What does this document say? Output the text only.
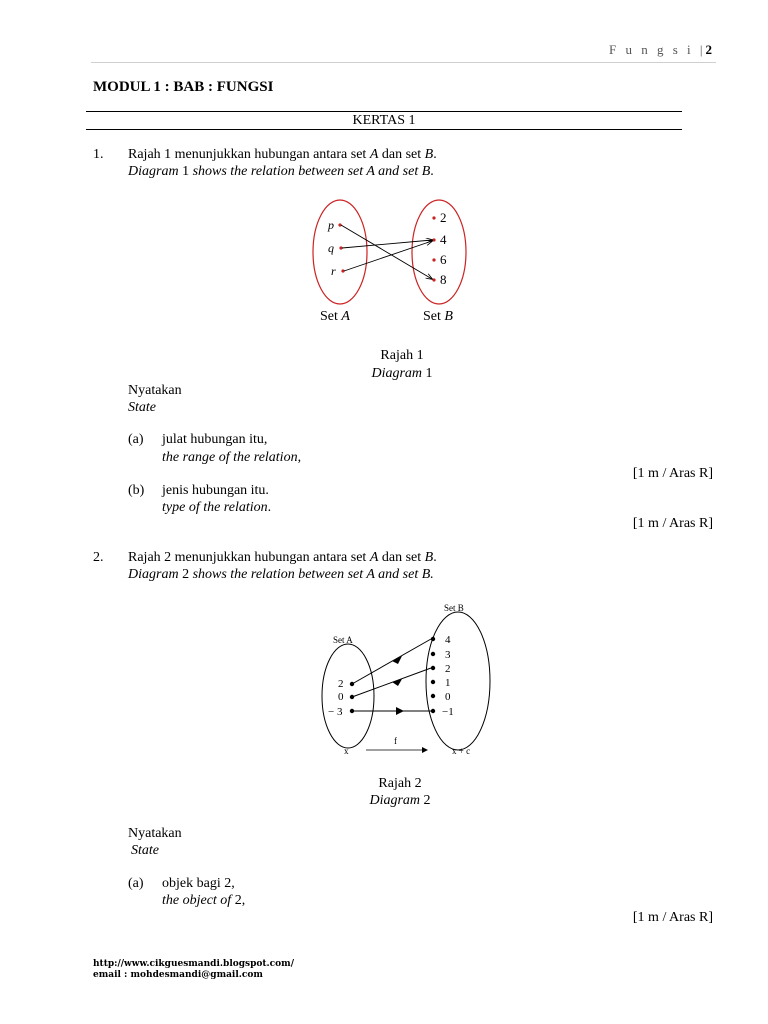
F u n g s i |2
MODUL 1 : BAB : FUNGSI
KERTAS 1
1. Rajah 1 menunjukkan hubungan antara set A dan set B.
Diagram 1 shows the relation between set A and set B.
p
q
r
2
4
6
8
Set A	Set B
Rajah 1
Diagram 1
Nyatakan
State
(a) julat hubungan itu,
the range of the relation,
[1 m / Aras R]
(b) jenis hubungan itu.
type of the relation.
[1 m / Aras R]
2. Rajah 2 menunjukkan hubungan antara set A dan set B.
Diagram 2 shows the relation between set A and set B.
Set B
Set A
2
0
− 3
4
3
2
1
0
−1
f
x	x + c
Rajah 2
Diagram 2
Nyatakan
State
(a) objek bagi 2,
the object of 2,
[1 m / Aras R]
http://www.cikguesmandi.blogspot.com/
email : mohdesmandi@gmail.com
